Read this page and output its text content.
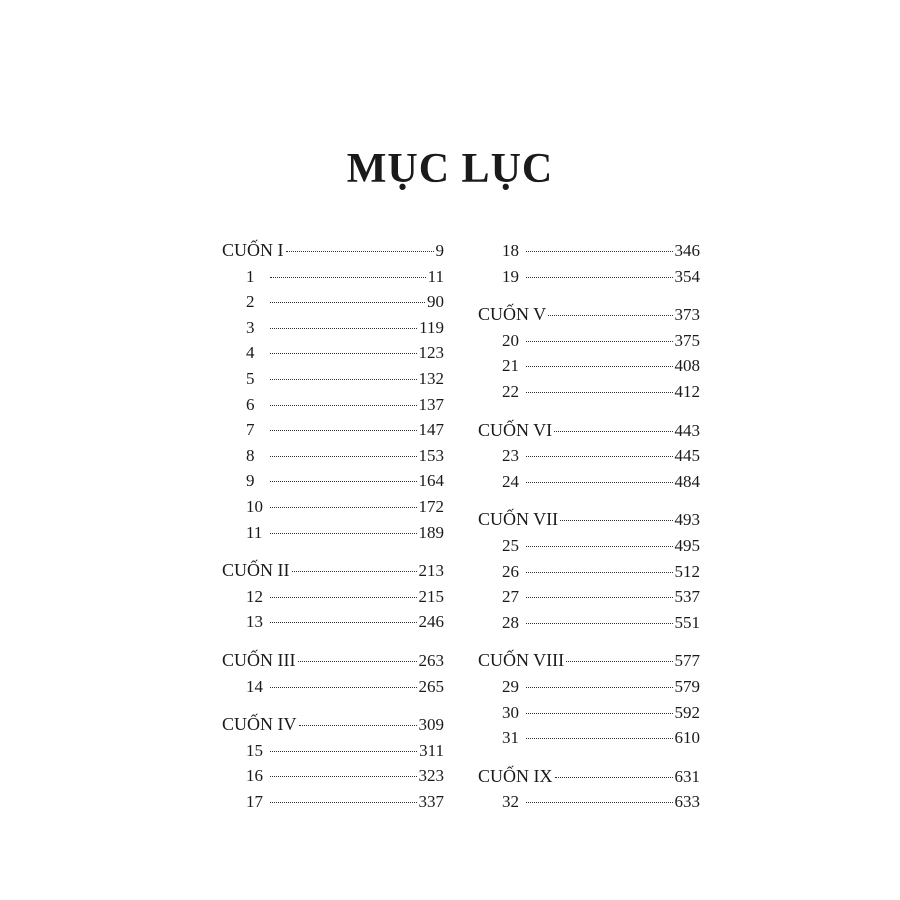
MỤC LỤC
CUỐN I	9
1	11
2	90
3	119
4	123
5	132
6	137
7	147
8	153
9	164
10	172
11	189
CUỐN II	213
12	215
13	246
CUỐN III	263
14	265
CUỐN IV	309
15	311
16	323
17	337
18	346
19	354
CUỐN V	373
20	375
21	408
22	412
CUỐN VI	443
23	445
24	484
CUỐN VII	493
25	495
26	512
27	537
28	551
CUỐN VIII	577
29	579
30	592
31	610
CUỐN IX	631
32	633
